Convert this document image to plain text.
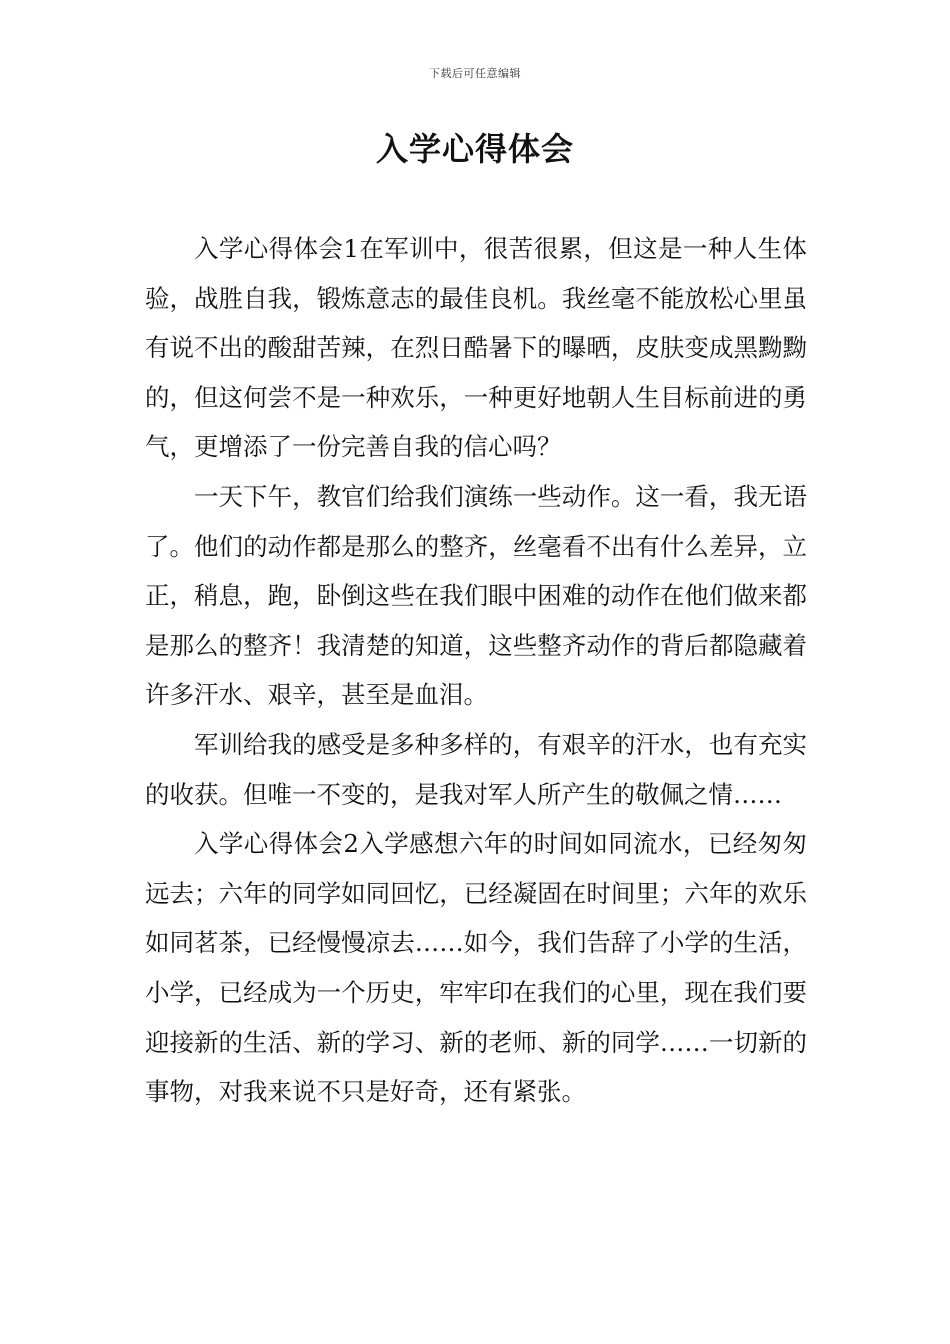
下载后可任意编辑
入学心得体会

入学心得体会1在军训中，很苦很累，但这是一种人生体验，战胜自我，锻炼意志的最佳良机。我丝毫不能放松心里虽有说不出的酸甜苦辣，在烈日酷暑下的曝晒，皮肤变成黑黝黝的，但这何尝不是一种欢乐，一种更好地朝人生目标前进的勇气，更增添了一份完善自我的信心吗？

一天下午，教官们给我们演练一些动作。这一看，我无语了。他们的动作都是那么的整齐，丝毫看不出有什么差异，立正，稍息，跑，卧倒这些在我们眼中困难的动作在他们做来都是那么的整齐！我清楚的知道，这些整齐动作的背后都隐藏着许多汗水、艰辛，甚至是血泪。

军训给我的感受是多种多样的，有艰辛的汗水，也有充实的收获。但唯一不变的，是我对军人所产生的敬佩之情……

入学心得体会2入学感想六年的时间如同流水，已经匆匆远去；六年的同学如同回忆，已经凝固在时间里；六年的欢乐如同茗茶，已经慢慢凉去……如今，我们告辞了小学的生活，小学，已经成为一个历史，牢牢印在我们的心里，现在我们要迎接新的生活、新的学习、新的老师、新的同学……一切新的事物，对我来说不只是好奇，还有紧张。
